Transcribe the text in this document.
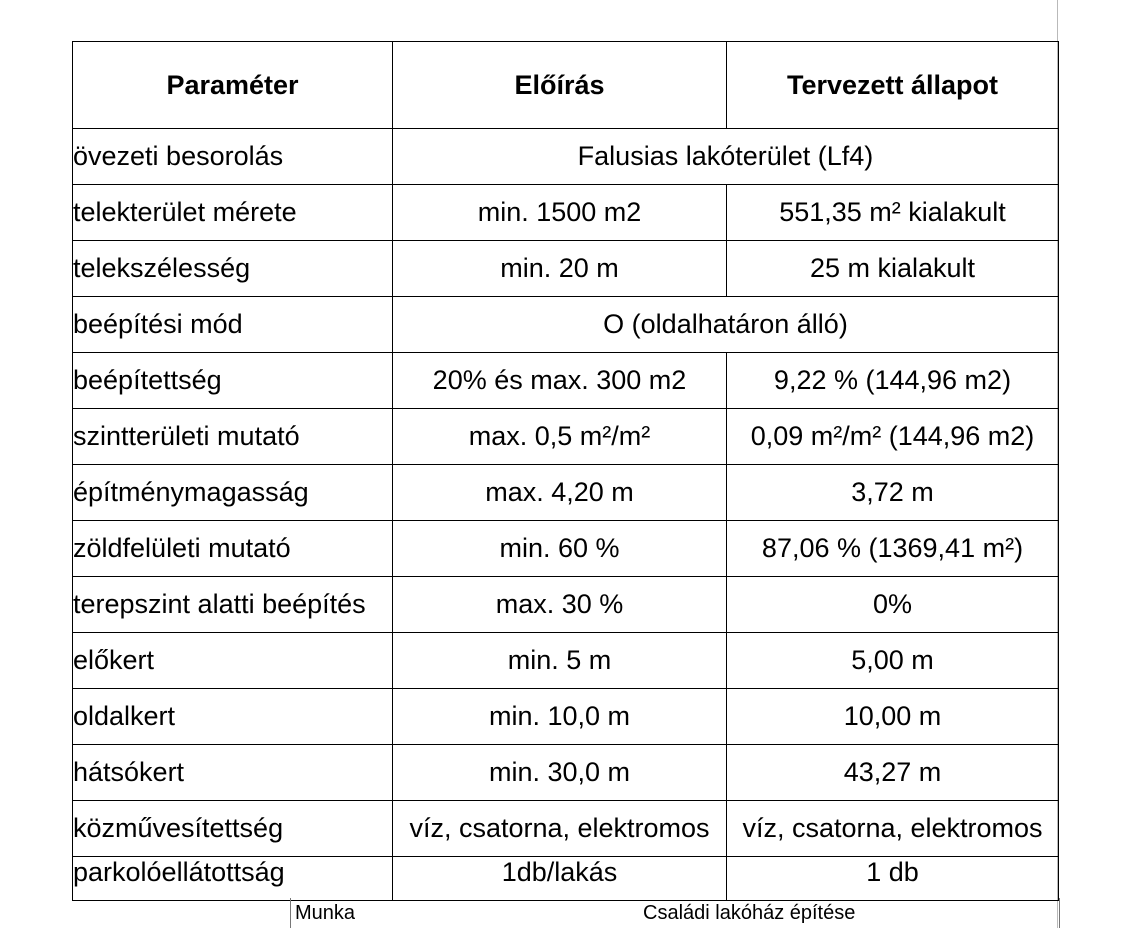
Paraméter	Előírás	Tervezett állapot
övezeti besorolás	Falusias lakóterület (Lf4)	
telekterület mérete	min. 1500 m2	551,35 m² kialakult
telekszélesség	min. 20 m	25 m kialakult
beépítési mód	O (oldalhatáron álló)	
beépítettség	20% és max. 300 m2	9,22 % (144,96 m2)
szintterületi mutató	max. 0,5 m²/m²	0,09 m²/m² (144,96 m2)
építménymagasság	max. 4,20 m	3,72 m
zöldfelületi mutató	min. 60 %	87,06 % (1369,41 m²)
terepszint alatti beépítés	max. 30 %	0%
előkert	min. 5 m	5,00 m
oldalkert	min. 10,0 m	10,00 m
hátsókert	min. 30,0 m	43,27 m
közművesítettség	víz, csatorna, elektromos	víz, csatorna, elektromos
parkolóellátottság	1db/lakás	1 db
Munka	Családi lakóház építése
